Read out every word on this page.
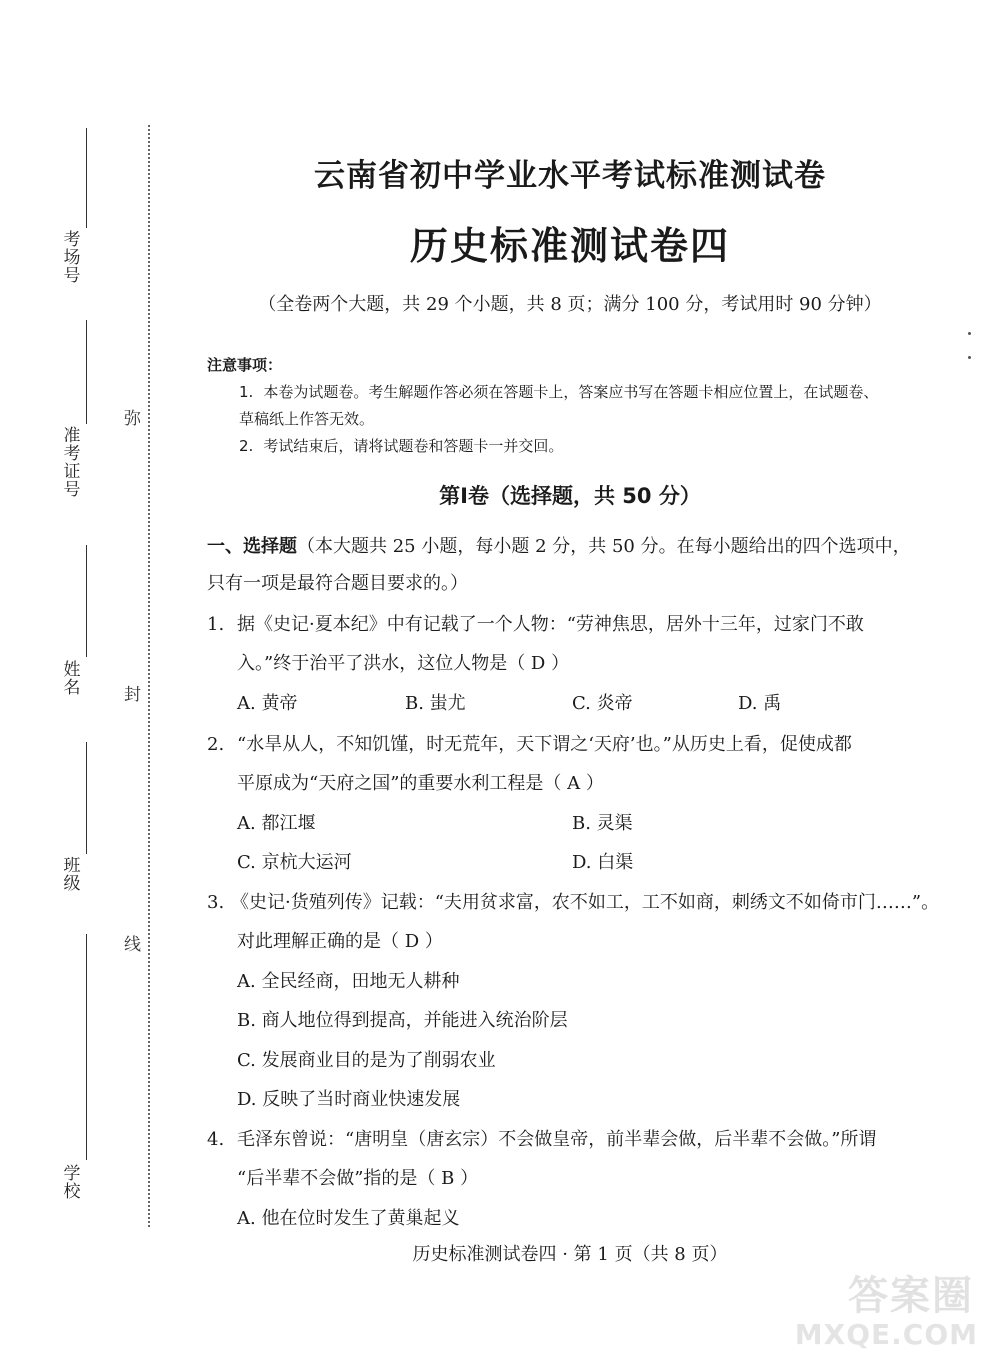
考场号
准考证号
姓名
班级
学校
弥
封
线
云南省初中学业水平考试标准测试卷
历史标准测试卷四
（全卷两个大题，共 29 个小题，共 8 页；满分 100 分，考试用时 90 分钟）
注意事项：
1. 本卷为试题卷。考生解题作答必须在答题卡上，答案应书写在答题卡相应位置上，在试题卷、
草稿纸上作答无效。
2. 考试结束后，请将试题卷和答题卡一并交回。
第Ⅰ卷（选择题，共 50 分）
一、选择题（本大题共 25 小题，每小题 2 分，共 50 分。在每小题给出的四个选项中，
只有一项是最符合题目要求的。）
1. 据《史记·夏本纪》中有记载了一个人物：“劳神焦思，居外十三年，过家门不敢
入。”终于治平了洪水，这位人物是（ D ）
A. 黄帝	B. 蚩尤	C. 炎帝	D. 禹
2. “水旱从人，不知饥馑，时无荒年，天下谓之‘天府’也。”从历史上看，促使成都
平原成为“天府之国”的重要水利工程是（ A ）
A. 都江堰	B. 灵渠
C. 京杭大运河	D. 白渠
3. 《史记·货殖列传》记载：“夫用贫求富，农不如工，工不如商，刺绣文不如倚市门……”。
对此理解正确的是（ D ）
A. 全民经商，田地无人耕种
B. 商人地位得到提高，并能进入统治阶层
C. 发展商业目的是为了削弱农业
D. 反映了当时商业快速发展
4. 毛泽东曾说：“唐明皇（唐玄宗）不会做皇帝，前半辈会做，后半辈不会做。”所谓
“后半辈不会做”指的是（ B ）
A. 他在位时发生了黄巢起义
历史标准测试卷四 · 第 1 页（共 8 页）
答案圈
MXQE.COM
